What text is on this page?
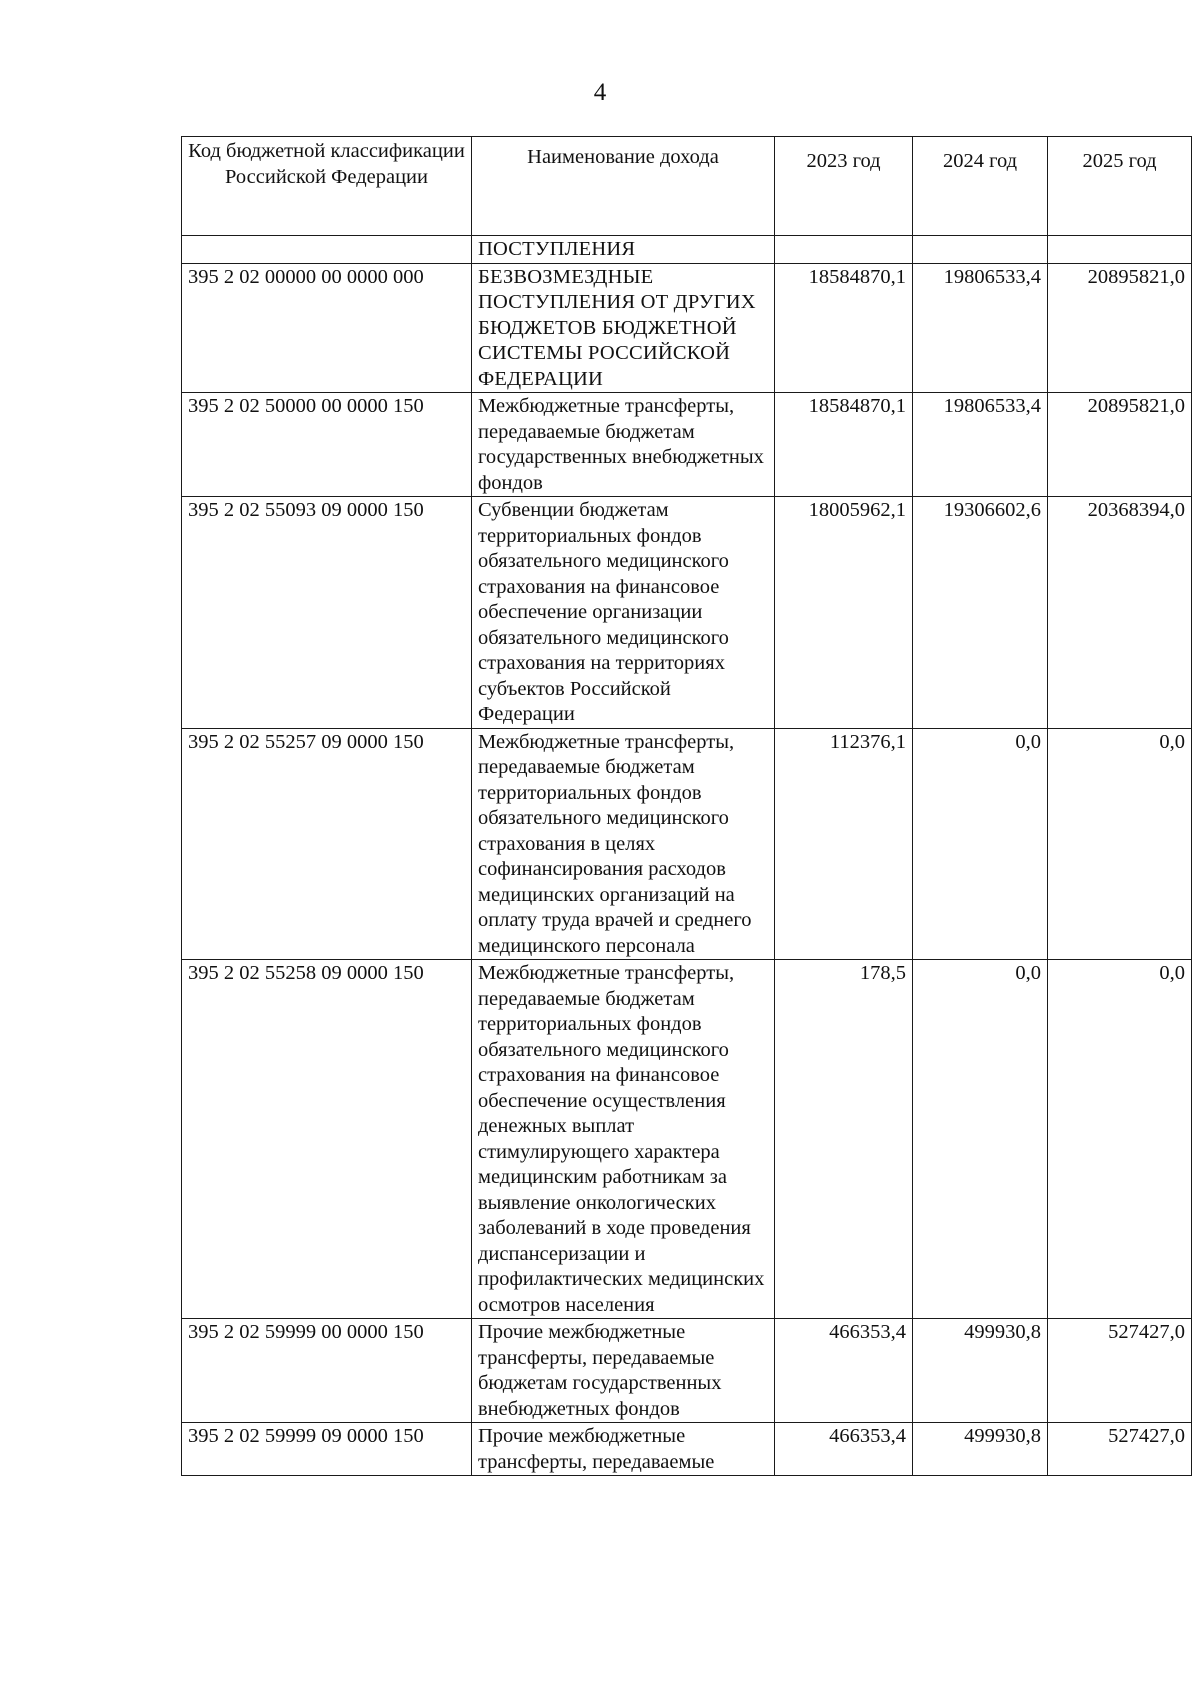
4
Код бюджетной классификации Российской Федерации	Наименование дохода	2023 год	2024 год	2025 год
	ПОСТУПЛЕНИЯ			
395 2 02 00000 00 0000 000	БЕЗВОЗМЕЗДНЫЕ ПОСТУПЛЕНИЯ ОТ ДРУГИХ БЮДЖЕТОВ БЮДЖЕТНОЙ СИСТЕМЫ РОССИЙСКОЙ ФЕДЕРАЦИИ	18584870,1	19806533,4	20895821,0
395 2 02 50000 00 0000 150	Межбюджетные трансферты, передаваемые бюджетам государственных внебюджетных фондов	18584870,1	19806533,4	20895821,0
395 2 02 55093 09 0000 150	Субвенции бюджетам территориальных фондов обязательного медицинского страхования на финансовое обеспечение организации обязательного медицинского страхования на территориях субъектов Российской Федерации	18005962,1	19306602,6	20368394,0
395 2 02 55257 09 0000 150	Межбюджетные трансферты, передаваемые бюджетам территориальных фондов обязательного медицинского страхования в целях софинансирования расходов медицинских организаций на оплату труда врачей и среднего медицинского персонала	112376,1	0,0	0,0
395 2 02 55258 09 0000 150	Межбюджетные трансферты, передаваемые бюджетам территориальных фондов обязательного медицинского страхования на финансовое обеспечение осуществления денежных выплат стимулирующего характера медицинским работникам за выявление онкологических заболеваний в ходе проведения диспансеризации и профилактических медицинских осмотров населения	178,5	0,0	0,0
395 2 02 59999 00 0000 150	Прочие межбюджетные трансферты, передаваемые бюджетам государственных внебюджетных фондов	466353,4	499930,8	527427,0
395 2 02 59999 09 0000 150	Прочие межбюджетные трансферты, передаваемые	466353,4	499930,8	527427,0
